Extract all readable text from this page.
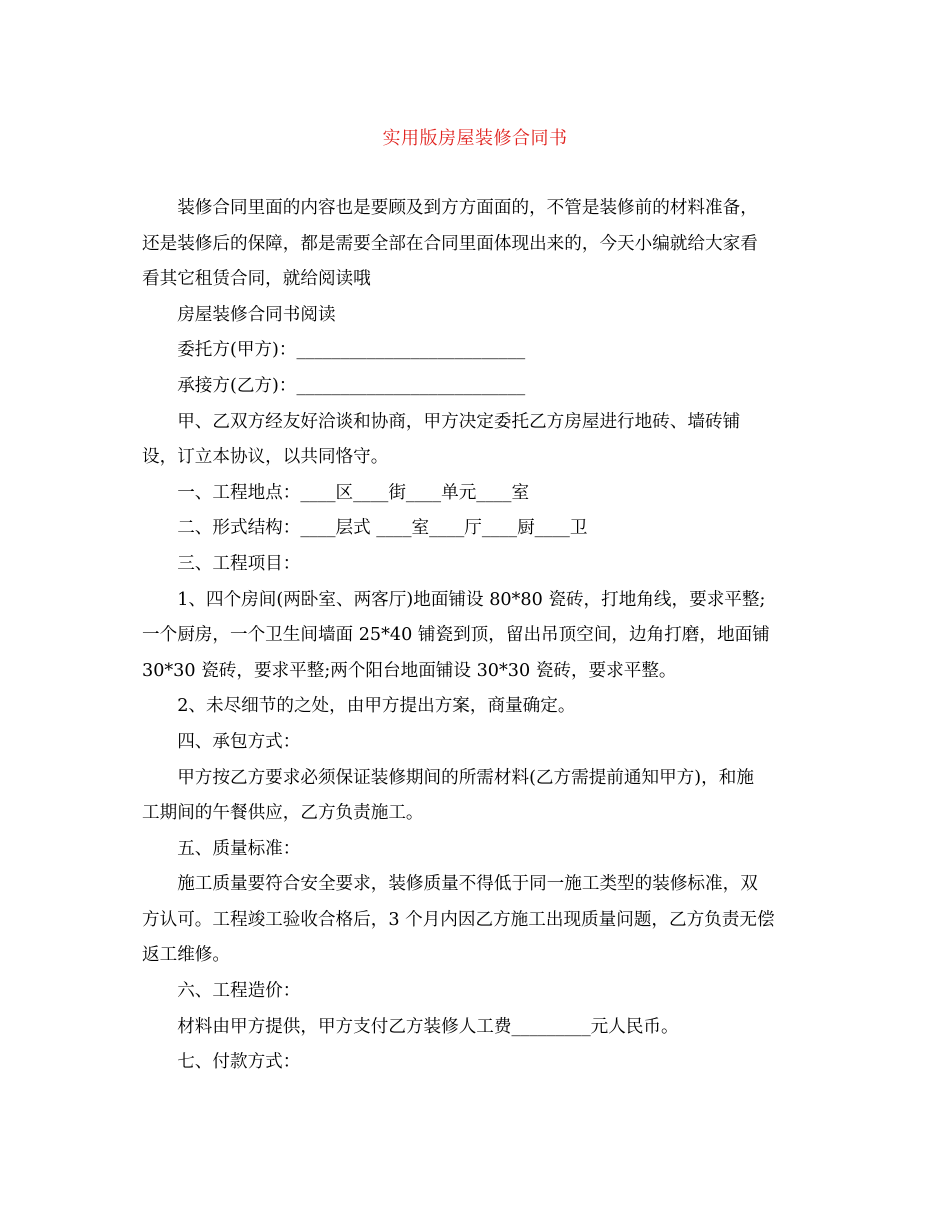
实用版房屋装修合同书
装修合同里面的内容也是要顾及到方方面面的，不管是装修前的材料准备，
还是装修后的保障，都是需要全部在合同里面体现出来的，今天小编就给大家看
看其它租赁合同，就给阅读哦
房屋装修合同书阅读
委托方(甲方)：__________________________
承接方(乙方)：__________________________
甲、乙双方经友好洽谈和协商，甲方决定委托乙方房屋进行地砖、墙砖铺
设，订立本协议，以共同恪守。
一、工程地点：____区____街____单元____室
二、形式结构：____层式 ____室____厅____厨____卫
三、工程项目：
1、四个房间(两卧室、两客厅)地面铺设 80*80 瓷砖，打地角线，要求平整;
一个厨房，一个卫生间墙面 25*40 铺瓷到顶，留出吊顶空间，边角打磨，地面铺
30*30 瓷砖，要求平整;两个阳台地面铺设 30*30 瓷砖，要求平整。
2、未尽细节的之处，由甲方提出方案，商量确定。
四、承包方式：
甲方按乙方要求必须保证装修期间的所需材料(乙方需提前通知甲方)，和施
工期间的午餐供应，乙方负责施工。
五、质量标准：
施工质量要符合安全要求，装修质量不得低于同一施工类型的装修标准，双
方认可。工程竣工验收合格后，3 个月内因乙方施工出现质量问题，乙方负责无偿
返工维修。
六、工程造价：
材料由甲方提供，甲方支付乙方装修人工费_________元人民币。
七、付款方式：
